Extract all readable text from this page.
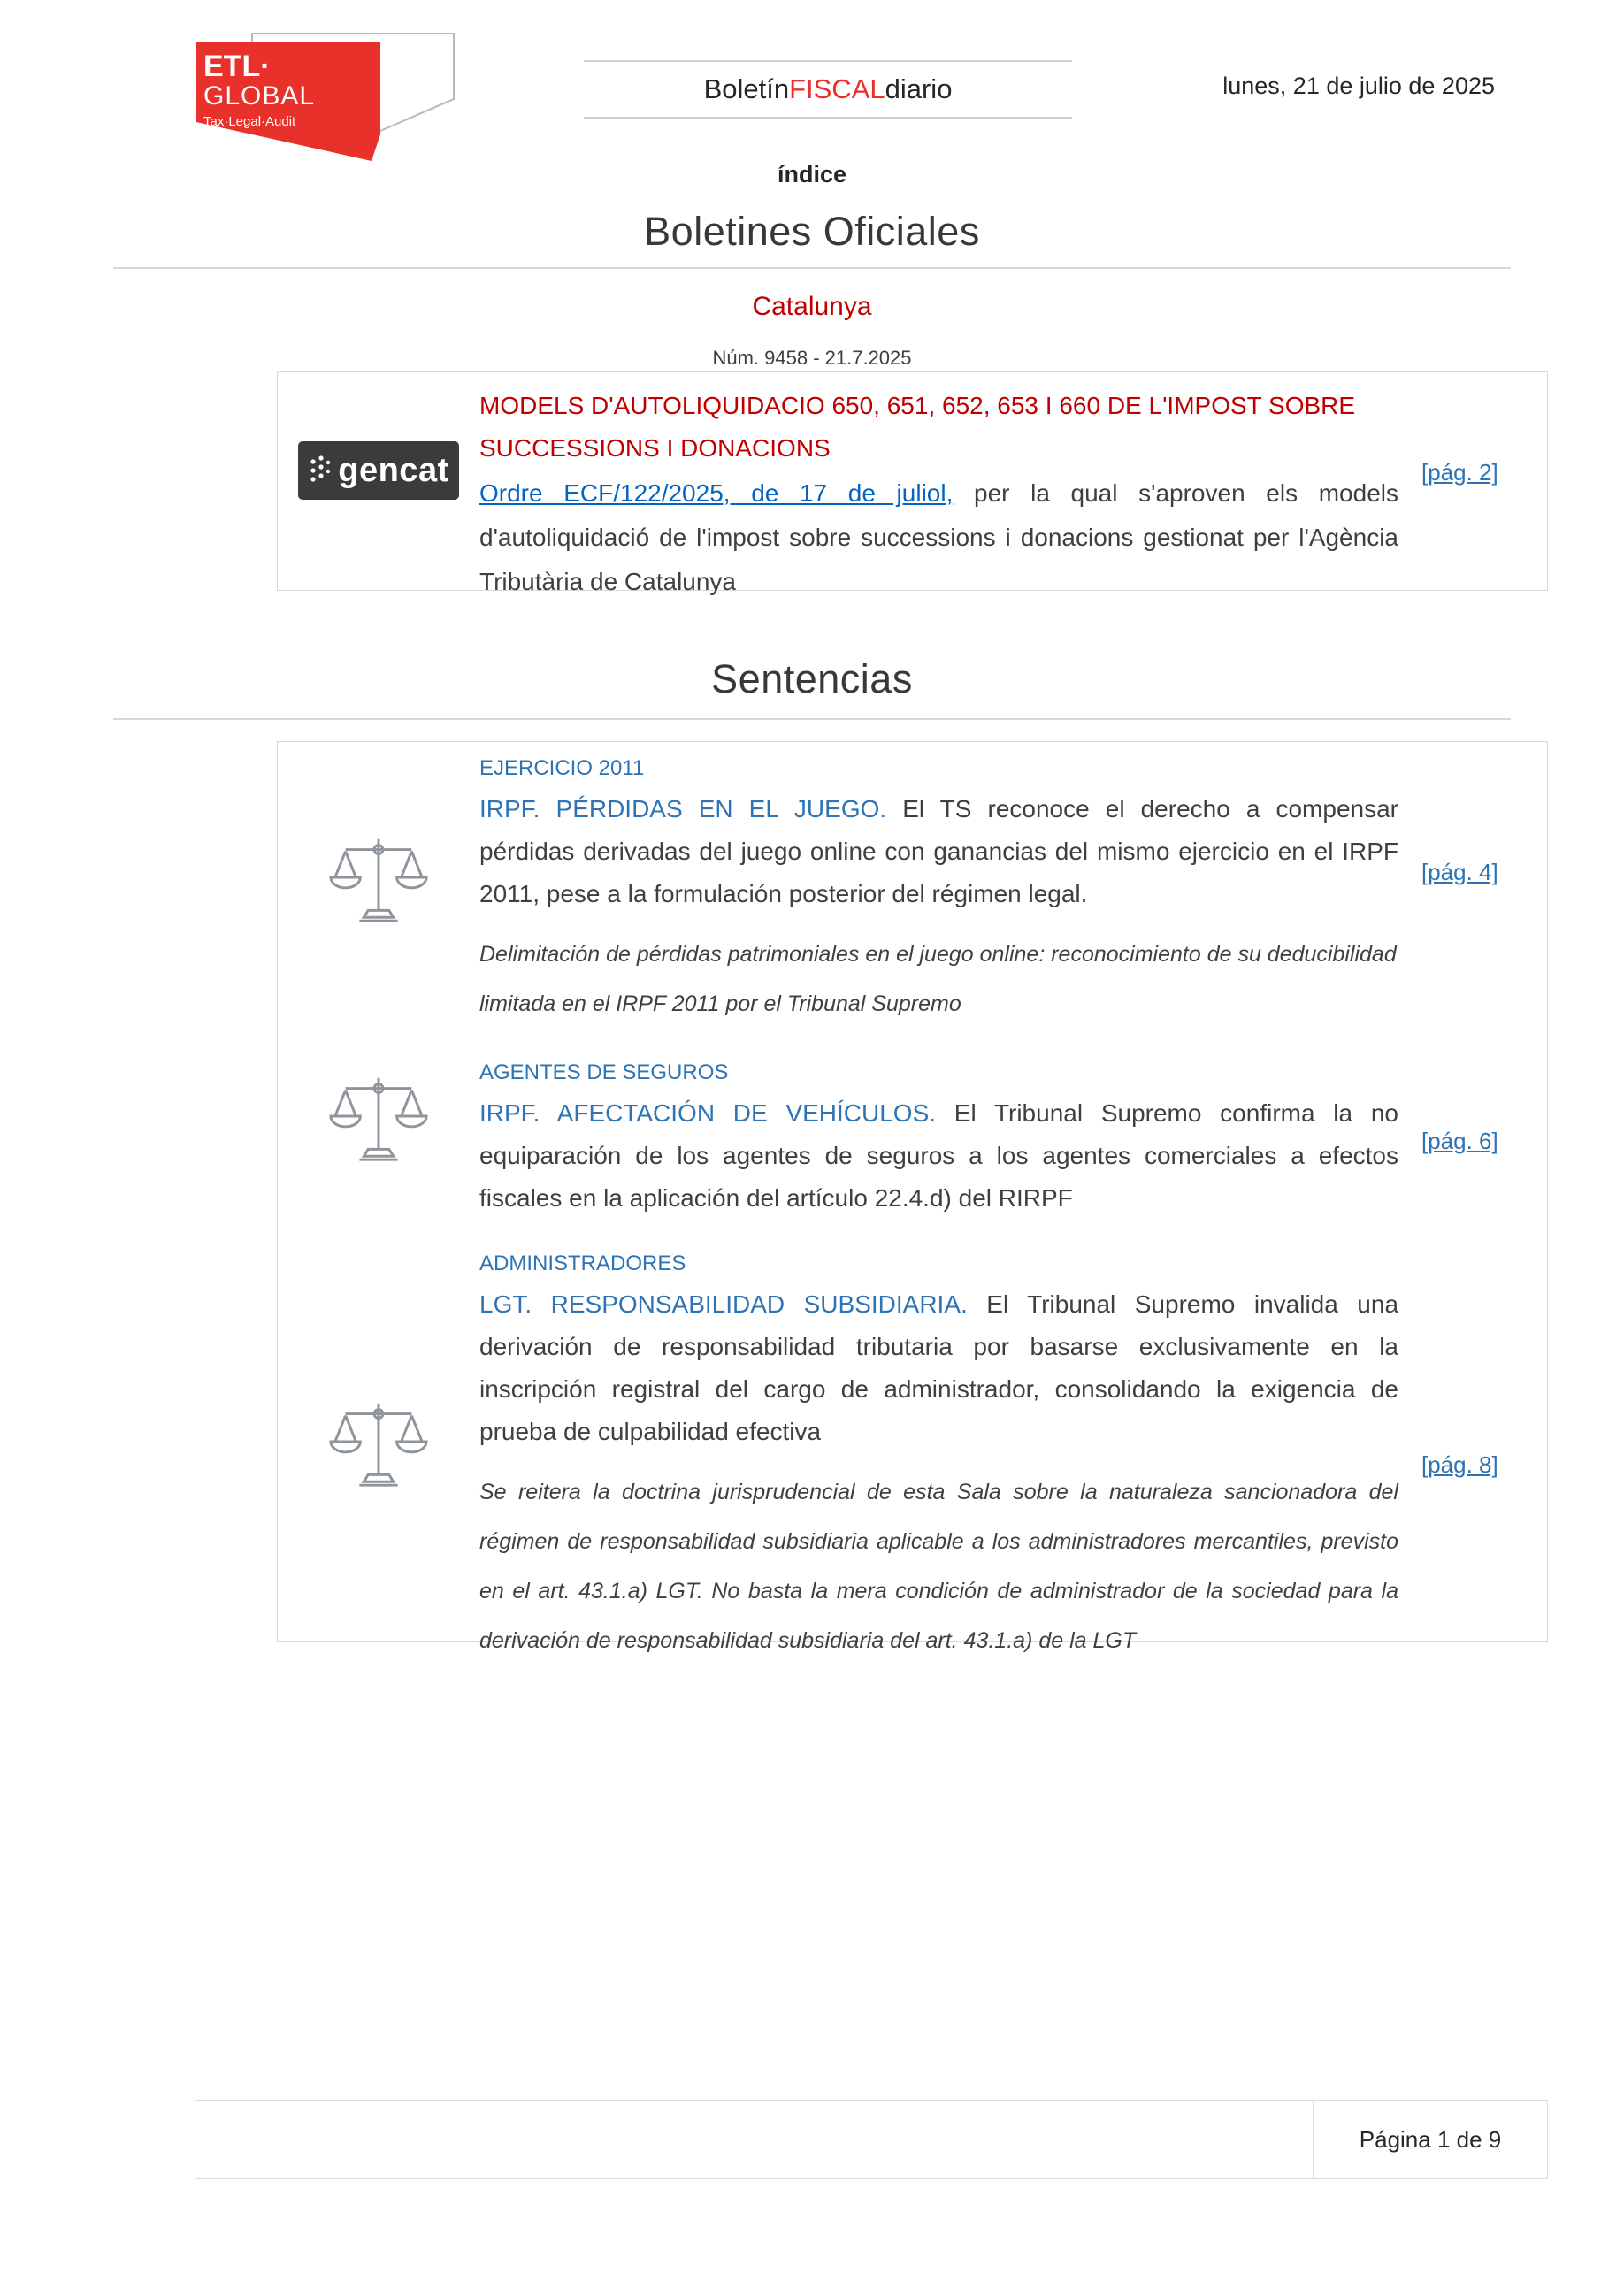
ETL·
GLOBAL
Tax·Legal·Audit
Boletín FISCAL diario	lunes, 21 de julio de 2025
índice
Boletines Oficiales
Catalunya
Núm. 9458 - 21.7.2025
gencat

MODELS D'AUTOLIQUIDACIO 650, 651, 652, 653 I 660 DE L'IMPOST SOBRE SUCCESSIONS I DONACIONS

Ordre ECF/122/2025, de 17 de juliol, per la qual s'aproven els models d'autoliquidació de l'impost sobre successions i donacions gestionat per l'Agència Tributària de Catalunya

[pág. 2]
Sentencias
EJERCICIO 2011

IRPF. PÉRDIDAS EN EL JUEGO. El TS reconoce el derecho a compensar pérdidas derivadas del juego online con ganancias del mismo ejercicio en el IRPF 2011, pese a la formulación posterior del régimen legal.

Delimitación de pérdidas patrimoniales en el juego online: reconocimiento de su deducibilidad limitada en el IRPF 2011 por el Tribunal Supremo

[pág. 4]
AGENTES DE SEGUROS

IRPF. AFECTACIÓN DE VEHÍCULOS. El Tribunal Supremo confirma la no equiparación de los agentes de seguros a los agentes comerciales a efectos fiscales en la aplicación del artículo 22.4.d) del RIRPF

[pág. 6]
ADMINISTRADORES

LGT. RESPONSABILIDAD SUBSIDIARIA. El Tribunal Supremo invalida una derivación de responsabilidad tributaria por basarse exclusivamente en la inscripción registral del cargo de administrador, consolidando la exigencia de prueba de culpabilidad efectiva

Se reitera la doctrina jurisprudencial de esta Sala sobre la naturaleza sancionadora del régimen de responsabilidad subsidiaria aplicable a los administradores mercantiles, previsto en el art. 43.1.a) LGT. No basta la mera condición de administrador de la sociedad para la derivación de responsabilidad subsidiaria del art. 43.1.a) de la LGT

[pág. 8]
Página 1 de 9
